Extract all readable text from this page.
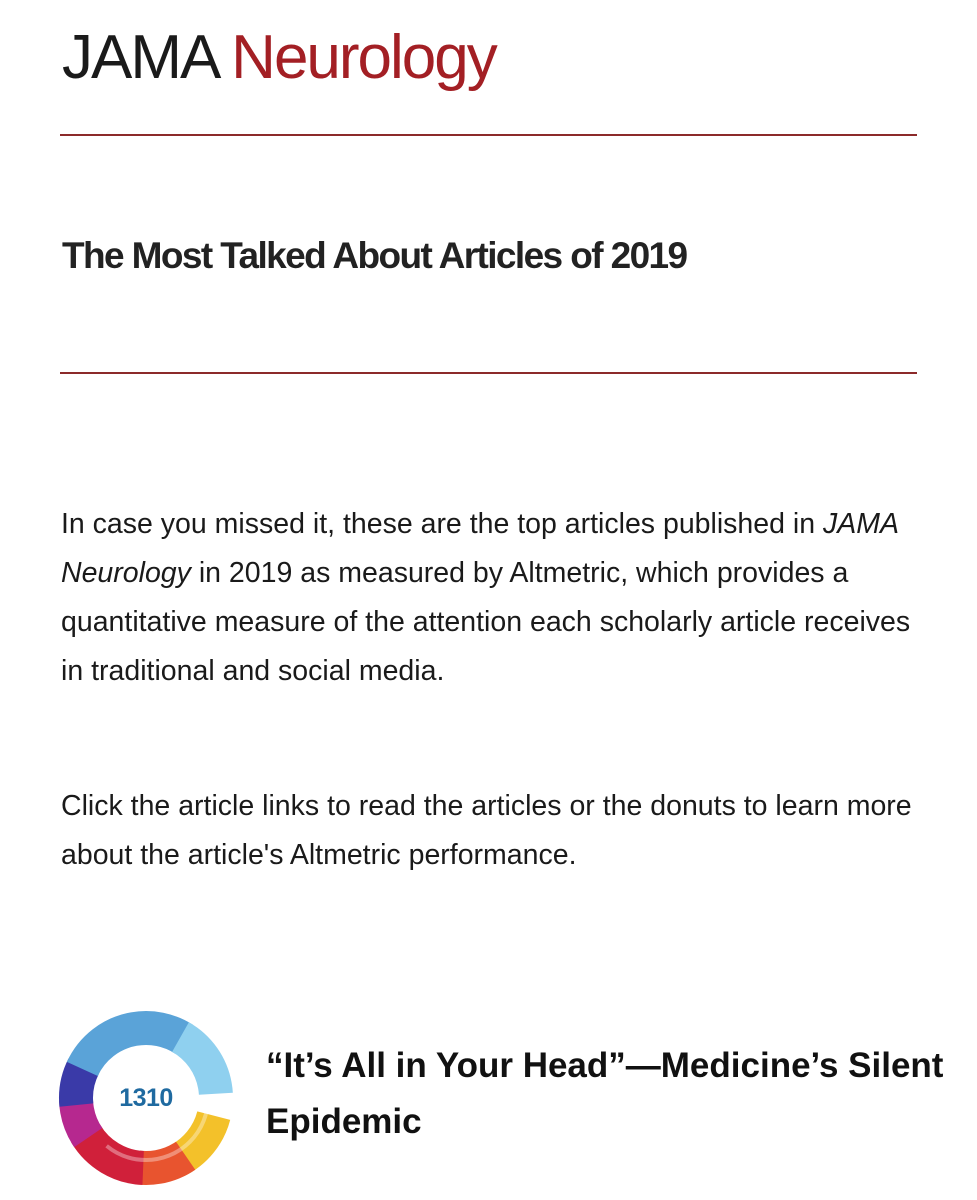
JAMA Neurology
The Most Talked About Articles of 2019

In case you missed it, these are the top articles published in JAMA Neurology in 2019 as measured by Altmetric, which provides a quantitative measure of the attention each scholarly article receives in traditional and social media.

Click the article links to read the articles or the donuts to learn more about the article's Altmetric performance.

1310

“It’s All in Your Head”—Medicine’s Silent Epidemic
